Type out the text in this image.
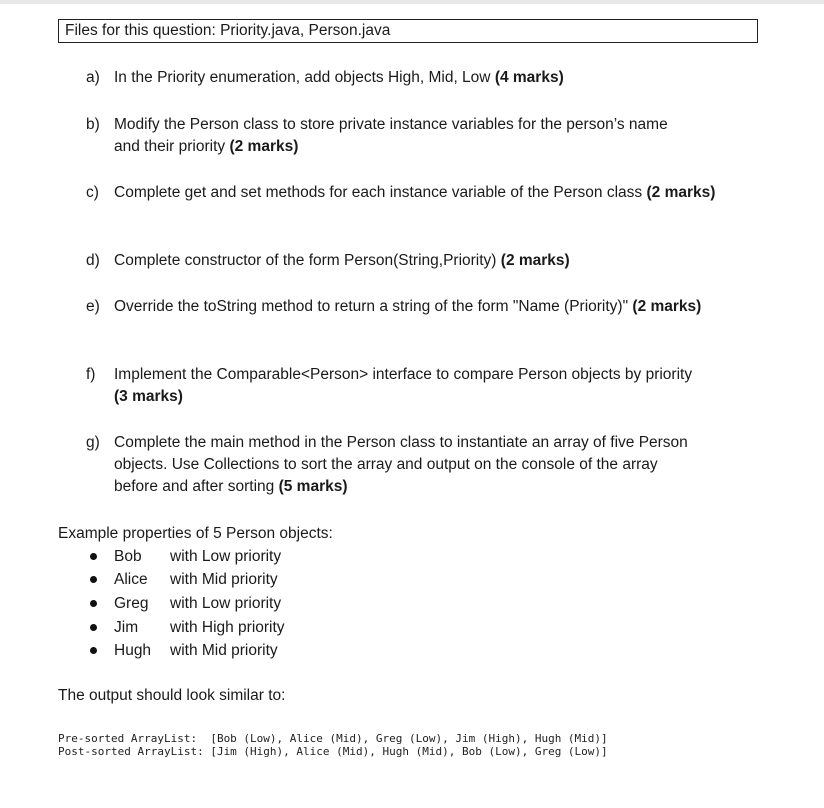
Files for this question: Priority.java, Person.java
a) In the Priority enumeration, add objects High, Mid, Low (4 marks)
b) Modify the Person class to store private instance variables for the person’s name
and their priority (2 marks)
c) Complete get and set methods for each instance variable of the Person class (2 marks)
d) Complete constructor of the form Person(String,Priority) (2 marks)
e) Override the toString method to return a string of the form "Name (Priority)" (2 marks)
f)	Implement the Comparable<Person> interface to compare Person objects by priority
(3 marks)
g) Complete the main method in the Person class to instantiate an array of five Person
objects. Use Collections to sort the array and output on the console of the array
before and after sorting (5 marks)
Example properties of 5 Person objects:
Bob with Low priority
Alice with Mid priority
Greg with Low priority
Jim with High priority
Hugh with Mid priority
The output should look similar to:
Pre-sorted ArrayList:  [Bob (Low), Alice (Mid), Greg (Low), Jim (High), Hugh (Mid)]
Post-sorted ArrayList: [Jim (High), Alice (Mid), Hugh (Mid), Bob (Low), Greg (Low)]
